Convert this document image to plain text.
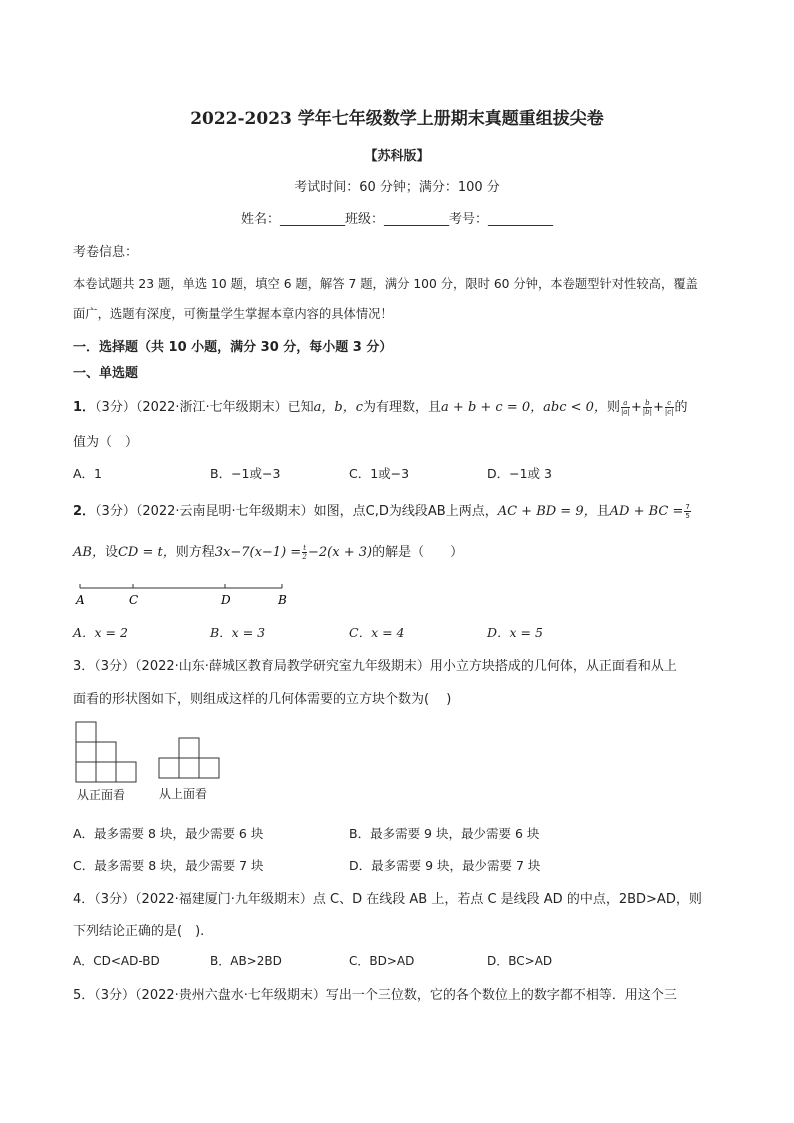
2022-2023 学年七年级数学上册期末真题重组拔尖卷
【苏科版】
考试时间：60 分钟；满分：100 分
姓名：__________班级：__________考号：__________
考卷信息：
本卷试题共 23 题，单选 10 题，填空 6 题，解答 7 题，满分 100 分，限时 60 分钟，本卷题型针对性较高，覆盖
面广，选题有深度，可衡量学生掌握本章内容的具体情况！
一．选择题（共 10 小题，满分 30 分，每小题 3 分）
一、单选题
1．（3分）（2022·浙江·七年级期末）已知a，b，c为有理数，且a + b + c = 0，abc < 0，则 $\frac{a}{|a|} + \frac{b}{|b|} + \frac{c}{|c|}$ 的
值为（　）
A．1	B．−1或−3	C．1或−3	D．−1或 3
2．（3分）（2022·云南昆明·七年级期末）如图，点C,D为线段AB上两点，AC + BD = 9，且AD + BC = $\frac{7}{5}$
AB，设CD = t，则方程$3x-7(x-1) = \frac{t}{2} -2(x + 3)$的解是（　　）
A	C	D	B
A．x = 2	B．x = 3	C．x = 4	D．x = 5
3．（3分）（2022·山东·薛城区教育局教学研究室九年级期末）用小立方块搭成的几何体，从正面看和从上
面看的形状图如下，则组成这样的几何体需要的立方块个数为(　 )
从正面看	从上面看
A．最多需要 8 块，最少需要 6 块	B．最多需要 9 块，最少需要 6 块
C．最多需要 8 块，最少需要 7 块	D．最多需要 9 块，最少需要 7 块
4．（3分）（2022·福建厦门·九年级期末）点 C、D 在线段 AB 上，若点 C 是线段 AD 的中点，2BD>AD，则
下列结论正确的是(　).
A．CD<AD-BD	B．AB>2BD	C．BD>AD	D．BC>AD
5．（3分）（2022·贵州六盘水·七年级期末）写出一个三位数，它的各个数位上的数字都不相等．用这个三
